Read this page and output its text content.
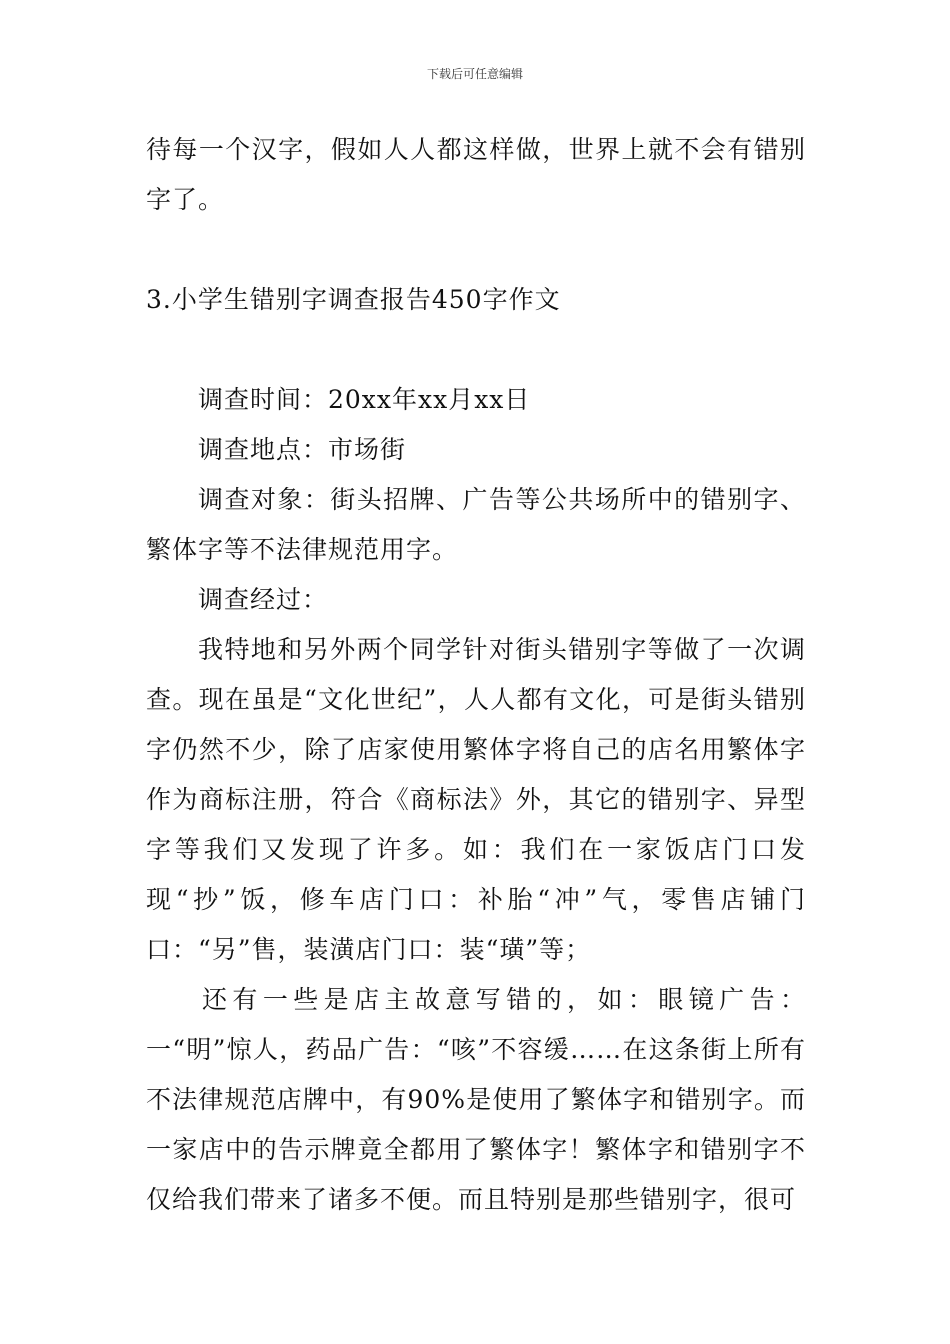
下载后可任意编辑

待每一个汉字，假如人人都这样做，世界上就不会有错别字了。

3.小学生错别字调查报告450字作文

调查时间：20xx年xx月xx日

调查地点：市场街

调查对象：街头招牌、广告等公共场所中的错别字、繁体字等不法律规范用字。

调查经过：

我特地和另外两个同学针对街头错别字等做了一次调查。现在虽是“文化世纪”，人人都有文化，可是街头错别字仍然不少，除了店家使用繁体字将自己的店名用繁体字作为商标注册，符合《商标法》外，其它的错别字、异型字等我们又发现了许多。如：我们在一家饭店门口发现“抄”饭，修车店门口：补胎“冲”气，零售店铺门口：“另”售，装潢店门口：装“璜”等；

还有一些是店主故意写错的，如：眼镜广告：一“明”惊人，药品广告：“咳”不容缓……在这条街上所有不法律规范店牌中，有90%是使用了繁体字和错别字。而一家店中的告示牌竟全都用了繁体字！繁体字和错别字不仅给我们带来了诸多不便。而且特别是那些错别字，很可
